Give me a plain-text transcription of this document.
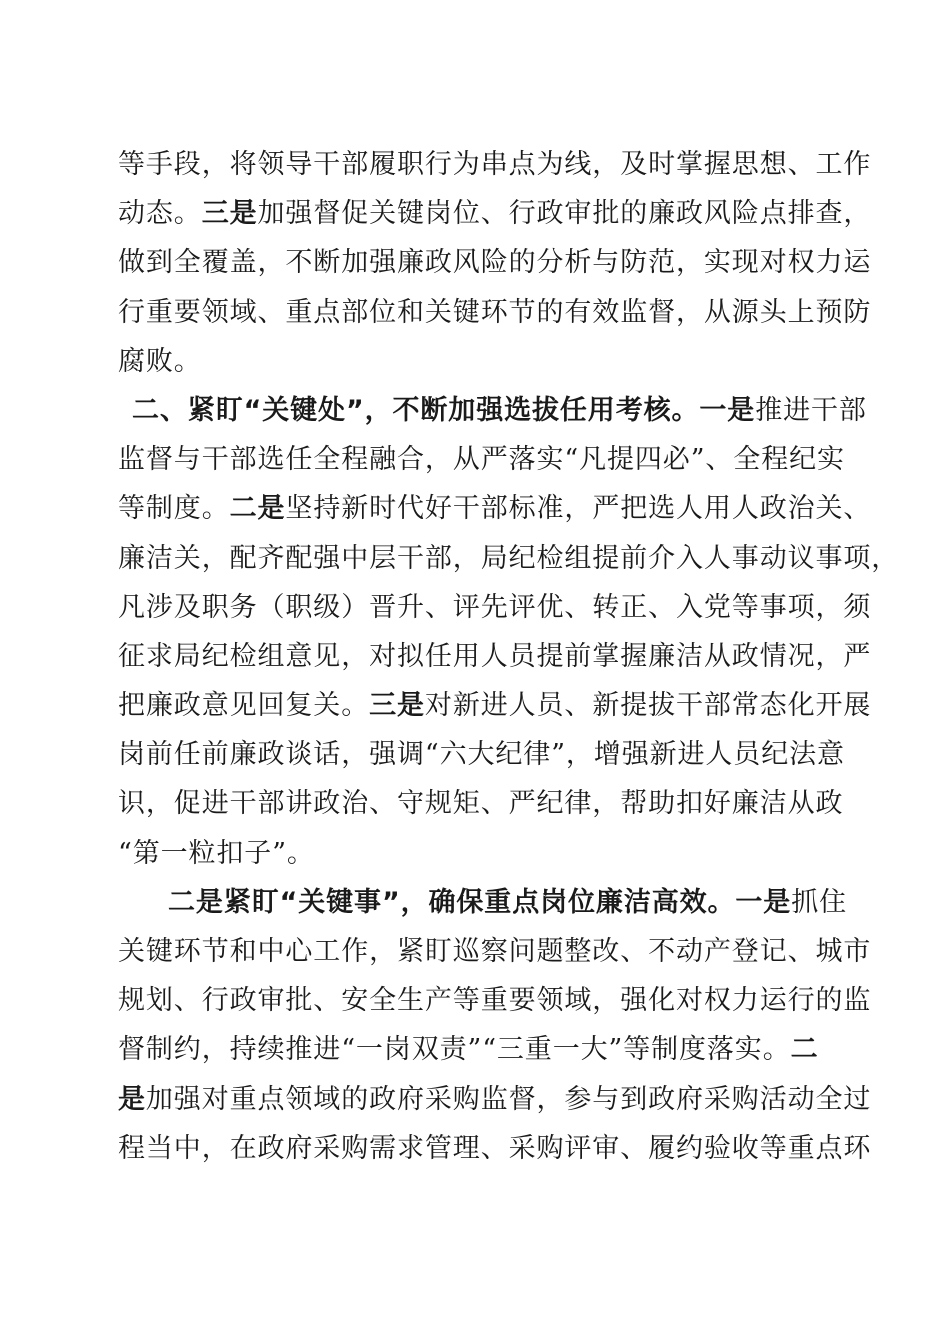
等手段，将领导干部履职行为串点为线，及时掌握思想、工作
动态。三是加强督促关键岗位、行政审批的廉政风险点排查，
做到全覆盖，不断加强廉政风险的分析与防范，实现对权力运
行重要领域、重点部位和关键环节的有效监督，从源头上预防
腐败。
二、紧盯“关键处”，不断加强选拔任用考核。一是推进干部
监督与干部选任全程融合，从严落实“凡提四必”、全程纪实
等制度。二是坚持新时代好干部标准，严把选人用人政治关、
廉洁关，配齐配强中层干部，局纪检组提前介入人事动议事项，
凡涉及职务（职级）晋升、评先评优、转正、入党等事项，须
征求局纪检组意见，对拟任用人员提前掌握廉洁从政情况，严
把廉政意见回复关。三是对新进人员、新提拔干部常态化开展
岗前任前廉政谈话，强调“六大纪律”，增强新进人员纪法意
识，促进干部讲政治、守规矩、严纪律，帮助扣好廉洁从政
“第一粒扣子”。
二是紧盯“关键事”，确保重点岗位廉洁高效。一是抓住
关键环节和中心工作，紧盯巡察问题整改、不动产登记、城市
规划、行政审批、安全生产等重要领域，强化对权力运行的监
督制约，持续推进“一岗双责”“三重一大”等制度落实。二
是加强对重点领域的政府采购监督，参与到政府采购活动全过
程当中，在政府采购需求管理、采购评审、履约验收等重点环
